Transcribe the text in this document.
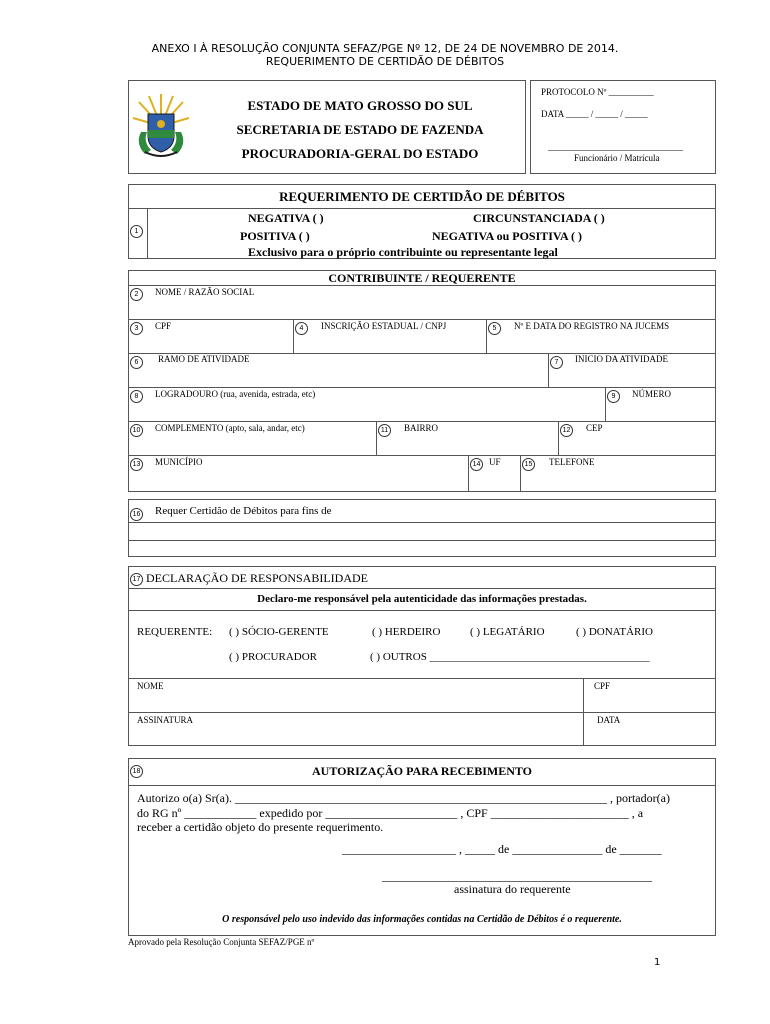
ANEXO I À RESOLUÇÃO CONJUNTA SEFAZ/PGE Nº 12, DE 24 DE NOVEMBRO DE 2014.
REQUERIMENTO DE CERTIDÃO DE DÉBITOS
ESTADO DE MATO GROSSO DO SUL
SECRETARIA DE ESTADO DE FAZENDA
PROCURADORIA-GERAL DO ESTADO
PROTOCOLO Nº __________
DATA _____ / _____ / _____
______________________________
Funcionário / Matrícula
REQUERIMENTO DE CERTIDÃO DE DÉBITOS
1
NEGATIVA ( )	CIRCUNSTANCIADA ( )
POSITIVA ( )	NEGATIVA ou POSITIVA ( )
Exclusivo para o próprio contribuinte ou representante legal
CONTRIBUINTE / REQUERENTE
2	NOME / RAZÃO SOCIAL
3	CPF	4	INSCRIÇÃO ESTADUAL / CNPJ	5	Nº E DATA DO REGISTRO NA JUCEMS
6	RAMO DE ATIVIDADE	7	INICIO DA ATIVIDADE
8	LOGRADOURO (rua, avenida, estrada, etc)	9	NÚMERO
10 COMPLEMENTO (apto, sala, andar, etc)	11	BAIRRO	12 CEP
13 MUNICÍPIO	14 UF	15 TELEFONE
16 Requer Certidão de Débitos para fins de
17 DECLARAÇÃO DE RESPONSABILIDADE
Declaro-me responsável pela autenticidade das informações prestadas.
REQUERENTE: ( ) SÓCIO-GERENTE	( ) HERDEIRO	( ) LEGATÁRIO	( ) DONATÁRIO
( ) PROCURADOR	( ) OUTROS ________________________________________
NOME	CPF
ASSINATURA	DATA
18	AUTORIZAÇÃO PARA RECEBIMENTO
Autorizo o(a) Sr(a). ______________________________________________________________ , portador(a)
do RG nº ____________ expedido por ______________________ , CPF _______________________ , a
receber a certidão objeto do presente requerimento.
___________________ , _____ de _______________ de _______
_____________________________________________
assinatura do requerente
O responsável pelo uso indevido das informações contidas na Certidão de Débitos é o requerente.
Aprovado pela Resolução Conjunta SEFAZ/PGE nº
1
